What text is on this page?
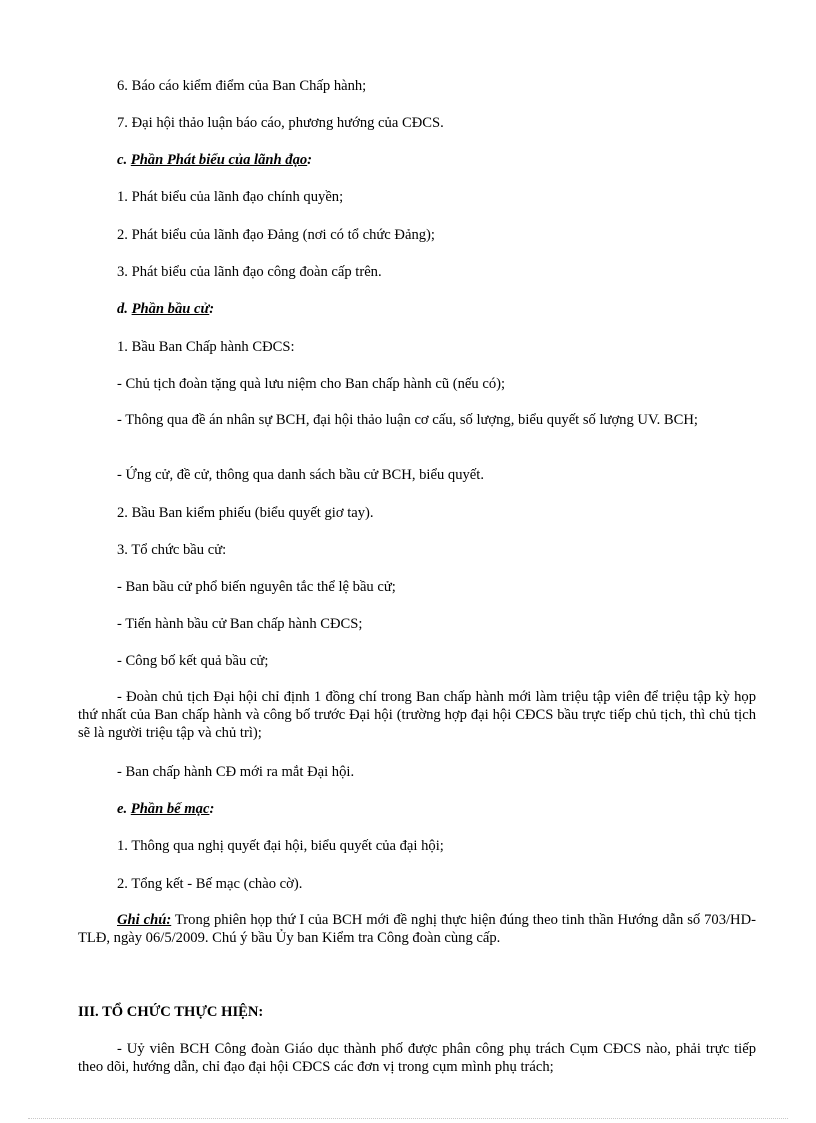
6. Báo cáo kiểm điểm của Ban Chấp hành;
7. Đại hội thảo luận báo cáo, phương hướng của CĐCS.
c. Phần Phát biểu của lãnh đạo:
1. Phát biểu của lãnh đạo chính quyền;
2. Phát biểu của lãnh đạo Đảng (nơi có tổ chức Đảng);
3. Phát biểu của lãnh đạo công đoàn cấp trên.
d. Phần bầu cử:
1. Bầu Ban Chấp hành CĐCS:
- Chủ tịch đoàn tặng quà lưu niệm cho Ban chấp hành cũ (nếu có);
- Thông qua đề án nhân sự BCH, đại hội thảo luận cơ cấu, số lượng, biểu quyết số lượng UV. BCH;
- Ứng cử, đề cử, thông qua danh sách bầu cử BCH, biểu quyết.
2. Bầu Ban kiểm phiếu (biểu quyết giơ tay).
3. Tổ chức bầu cử:
- Ban bầu cử phổ biến nguyên tắc thể lệ bầu cử;
- Tiến hành bầu cử Ban chấp hành CĐCS;
- Công bố kết quả bầu cử;
- Đoàn chủ tịch Đại hội chỉ định 1 đồng chí trong Ban chấp hành mới làm triệu tập viên để triệu tập kỳ họp thứ nhất của Ban chấp hành và công bố trước Đại hội (trường hợp đại hội CĐCS bầu trực tiếp chủ tịch, thì chủ tịch sẽ là người triệu tập và chủ trì);
- Ban chấp hành CĐ mới ra mắt Đại hội.
e. Phần bế mạc:
1. Thông qua nghị quyết đại hội, biểu quyết của đại hội;
2. Tổng kết - Bế mạc (chào cờ).
Ghi chú: Trong phiên họp thứ I của BCH mới đề nghị thực hiện đúng theo tinh thần Hướng dẫn số 703/HD-TLĐ, ngày 06/5/2009. Chú ý bầu Ủy ban Kiểm tra Công đoàn cùng cấp.
III. TỔ CHỨC THỰC HIỆN:
- Uỷ viên BCH Công đoàn Giáo dục thành phố được phân công phụ trách Cụm CĐCS nào, phải trực tiếp theo dõi, hướng dẫn, chỉ đạo đại hội CĐCS các đơn vị trong cụm mình phụ trách;
